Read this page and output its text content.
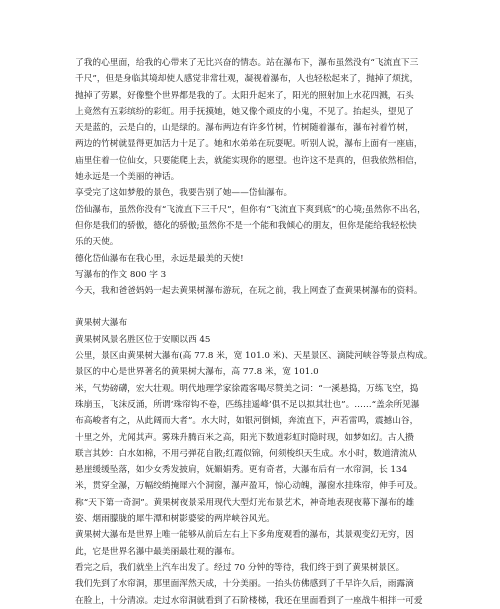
了我的心里面，给我的心带来了无比兴奋的情态。站在瀑布下，瀑布虽然没有“飞流直下三

千尺”，但是身临其境却使人感觉非常壮观，凝视着瀑布，人也轻松起来了，抛掉了烦扰，

抛掉了劳累，好像整个世界都是我的了。太阳升起来了，阳光的照射加上水花四溅，石头

上竟然有五彩缤纷的彩虹。用手抚摸她，她又像个顽皮的小鬼，不见了。抬起头，望见了

天是蓝的，云是白的，山是绿的。瀑布两边有许多竹树，竹树随着瀑布，瀑布衬着竹树，

两边的竹树就显得更加活力十足了。她和水弟弟在玩耍呢。听别人说，瀑布上面有一座庙，

庙里住着一位仙女，只要能爬上去，就能实现你的愿望。也许这不是真的，但我依然相信，

她永远是一个美丽的神话。

享受完了这如梦般的景色，我要告别了她——岱仙瀑布。

岱仙瀑布，虽然你没有“飞流直下三千尺”，但你有“飞流直下爽到底”的心境;虽然你不出名，

但你是我们的骄傲，德化的骄傲;虽然你不是一个能和我倾心的朋友，但你是能给我轻松快

乐的天使。

德化岱仙瀑布在我心里，永远是最美的天使!

写瀑布的作文 800 字 3

今天，我和爸爸妈妈一起去黄果树瀑布游玩，在玩之前，我上网查了查黄果树瀑布的资料。

黄果树大瀑布

黄果树风景名胜区位于安顺以西 45

公里，景区由黄果树大瀑布(高 77.8 米，宽 101.0 米)、天星景区、滴陡河峡谷等景点构成。

景区的中心是世界著名的黄果树大瀑布，高 77.8 米，宽 101.0

米，气势磅礴，宏大壮观。明代地理学家徐霞客喝尽赞美之词：“一溪悬捣，万练飞空，捣

珠崩玉，飞沫反涌，所谓‘珠帘钩不卷，匹练挂遥峰’俱不足以拟其壮也”。……“盖余所见瀑

布高峻者有之，从此阔而大者”。水大时，如银河倒倾，奔流直下，声若雷鸣，震撼山谷，

十里之外，尤闻其声。雾珠升腾百米之高，阳光下数道彩虹时隐时现，如梦如幻。古人攒

联言其妙：白水如棉，不用弓弹花自散;红霞似锦，何须梭织天生成。水小时，数道清流从

悬崖缓缓坠落，如少女秀发披肩，妩媚娟秀。更有奇者，大瀑布后有一水帘洞，长 134

米，贯穿全瀑，万幅绞绡掩犀六个洞窗，瀑声盈耳，惊心动魄，瀑窗水挂珠帘，伸手可及。

称“天下第一奇洞”。黄果树夜景采用现代大型灯光布景艺术，神奇地表现夜幕下瀑布的雄

姿、烟雨朦胧的犀牛潭和树影婆娑的两岸峡谷风光。

黄果树大瀑布是世界上唯一能够从前后左右上下多角度观看的瀑布，其景观变幻无穷，因

此，它是世界名瀑中最美丽最壮观的瀑布。

看完之后，我们就坐上汽车出发了。经过 70 分钟的等待，我们终于到了黄果树景区。

我们先到了水帘洞，那里面浑然天成，十分美丽。一抬头仿佛感到了千早许久后，雨露滴

在脸上，十分清凉。走过水帘洞就看到了石阶楼梯，我还在里面看到了一座战牛相拌一可爱
